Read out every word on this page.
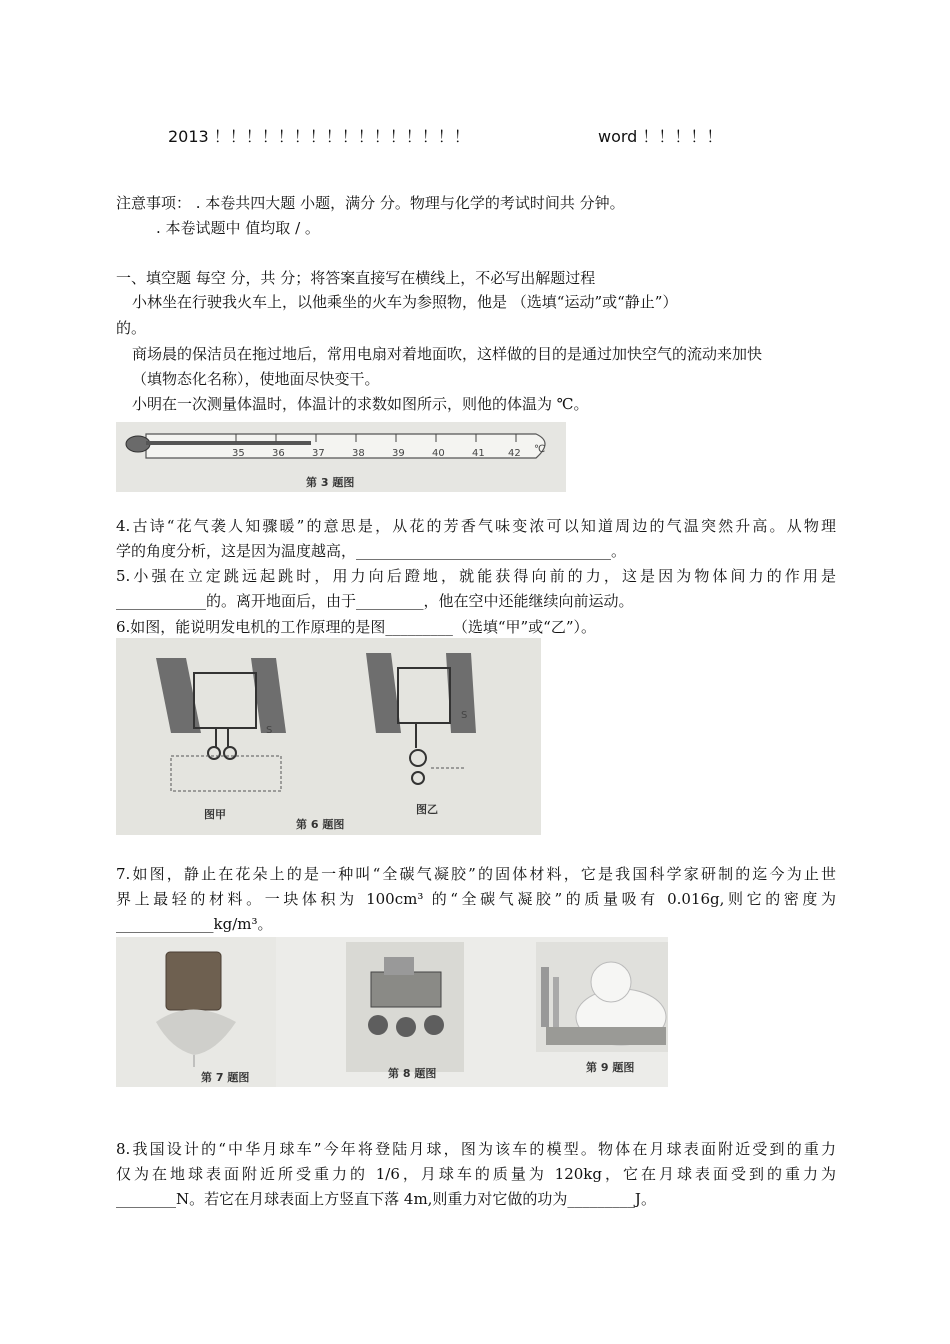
2013 ！！！！！！！！！！！！！！！！	word ！！！！！
注意事项： . 本卷共四大题 小题，满分 分。物理与化学的考试时间共 分钟。
. 本卷试题中 值均取 / 。
一、填空题 每空 分，共 分；将答案直接写在横线上，不必写出解题过程
小林坐在行驶我火车上，以他乘坐的火车为参照物，他是 （选填“运动”或“静止”）
的。
商场晨的保洁员在拖过地后，常用电扇对着地面吹，这样做的目的是通过加快空气的流动来加快
（填物态化名称），使地面尽快变干。
小明在一次测量体温时，体温计的求数如图所示，则他的体温为 ℃。
35	36	37	38	39	40	41 42 ℃
第 3 题图
4.古诗“花气袭人知骤暖”的意思是，从花的芳香气味变浓可以知道周边的气温突然升高。从物理
学的角度分析，这是因为温度越高，__________________________________。
5.小强在立定跳远起跳时，用力向后蹬地，就能获得向前的力，这是因为物体间力的作用是
____________的。离开地面后，由于_________，他在空中还能继续向前运动。
6.如图，能说明发电机的工作原理的是图_________（选填“甲”或“乙”）。
S
图甲
S
图乙
第 6 题图
7.如图，静止在花朵上的是一种叫“全碳气凝胶”的固体材料，它是我国科学家研制的迄今为止世
界上最轻的材料。一块体积为 100cm³ 的“全碳气凝胶”的质量吸有 0.016g,则它的密度为
_____________kg/m³。
第 7 题图	第 8 题图	第 9 题图
8.我国设计的“中华月球车”今年将登陆月球，图为该车的模型。物体在月球表面附近受到的重力
仅为在地球表面附近所受重力的 1/6，月球车的质量为 120kg，它在月球表面受到的重力为
________N。若它在月球表面上方竖直下落 4m,则重力对它做的功为_________J。
